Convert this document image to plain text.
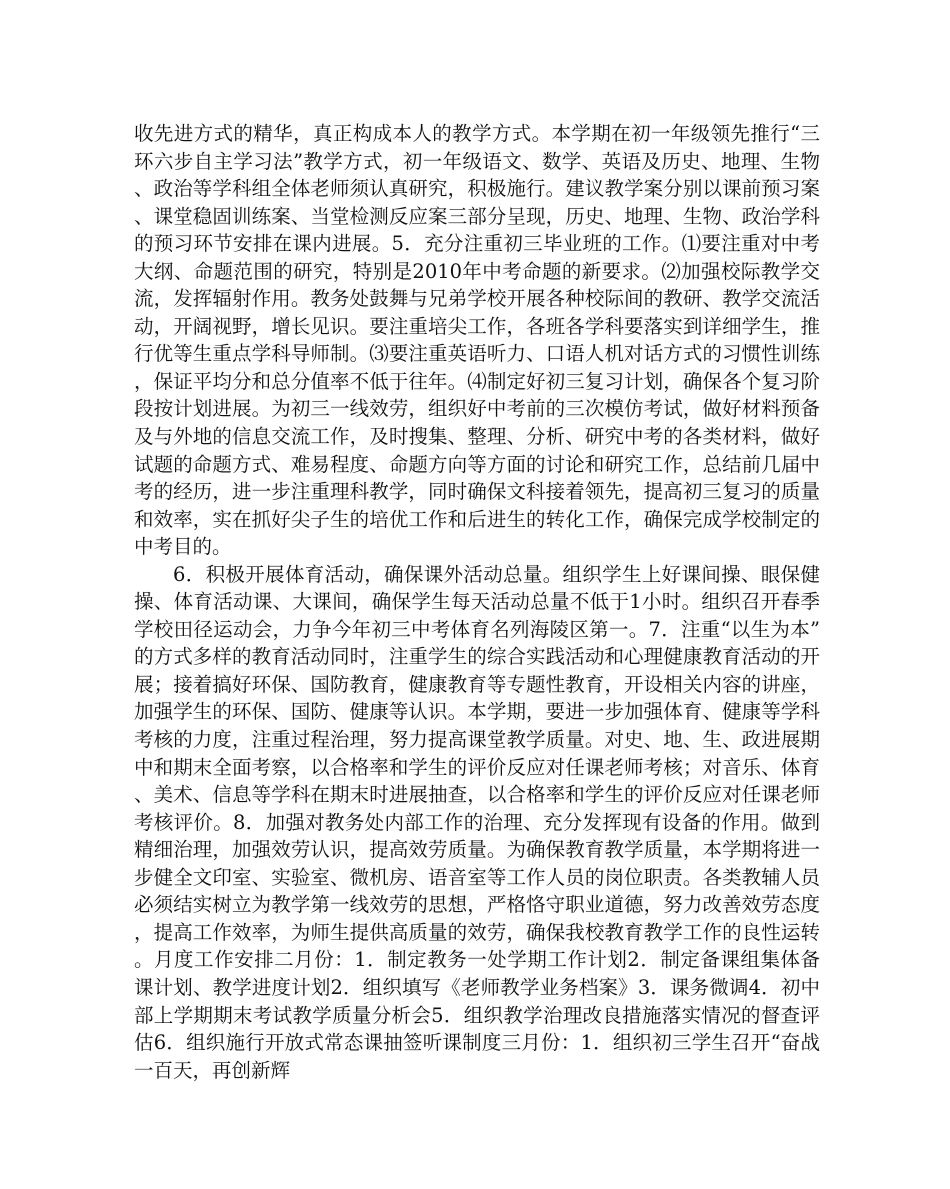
收先进方式的精华，真正构成本人的教学方式。本学期在初一年级领先推行“三环六步自主学习法”教学方式，初一年级语文、数学、英语及历史、地理、生物、政治等学科组全体老师须认真研究，积极施行。建议教学案分别以课前预习案、课堂稳固训练案、当堂检测反应案三部分呈现，历史、地理、生物、政治学科的预习环节安排在课内进展。5．充分注重初三毕业班的工作。⑴要注重对中考大纲、命题范围的研究，特别是2010年中考命题的新要求。⑵加强校际教学交流，发挥辐射作用。教务处鼓舞与兄弟学校开展各种校际间的教研、教学交流活动，开阔视野，增长见识。要注重培尖工作，各班各学科要落实到详细学生，推行优等生重点学科导师制。⑶要注重英语听力、口语人机对话方式的习惯性训练，保证平均分和总分值率不低于往年。⑷制定好初三复习计划，确保各个复习阶段按计划进展。为初三一线效劳，组织好中考前的三次模仿考试，做好材料预备及与外地的信息交流工作，及时搜集、整理、分析、研究中考的各类材料，做好试题的命题方式、难易程度、命题方向等方面的讨论和研究工作，总结前几届中考的经历，进一步注重理科教学，同时确保文科接着领先，提高初三复习的质量和效率，实在抓好尖子生的培优工作和后进生的转化工作，确保完成学校制定的中考目的。

6．积极开展体育活动，确保课外活动总量。组织学生上好课间操、眼保健操、体育活动课、大课间，确保学生每天活动总量不低于1小时。组织召开春季学校田径运动会，力争今年初三中考体育名列海陵区第一。7．注重“以生为本”的方式多样的教育活动同时，注重学生的综合实践活动和心理健康教育活动的开展；接着搞好环保、国防教育，健康教育等专题性教育，开设相关内容的讲座，加强学生的环保、国防、健康等认识。本学期，要进一步加强体育、健康等学科考核的力度，注重过程治理，努力提高课堂教学质量。对史、地、生、政进展期中和期末全面考察，以合格率和学生的评价反应对任课老师考核；对音乐、体育、美术、信息等学科在期末时进展抽查，以合格率和学生的评价反应对任课老师考核评价。8．加强对教务处内部工作的治理、充分发挥现有设备的作用。做到精细治理，加强效劳认识，提高效劳质量。为确保教育教学质量，本学期将进一步健全文印室、实验室、微机房、语音室等工作人员的岗位职责。各类教辅人员必须结实树立为教学第一线效劳的思想，严格恪守职业道德，努力改善效劳态度，提高工作效率，为师生提供高质量的效劳，确保我校教育教学工作的良性运转。月度工作安排二月份：1．制定教务一处学期工作计划2．制定备课组集体备课计划、教学进度计划2．组织填写《老师教学业务档案》3．课务微调4．初中部上学期期末考试教学质量分析会5．组织教学治理改良措施落实情况的督查评估6．组织施行开放式常态课抽签听课制度三月份：1．组织初三学生召开“奋战一百天，再创新辉
